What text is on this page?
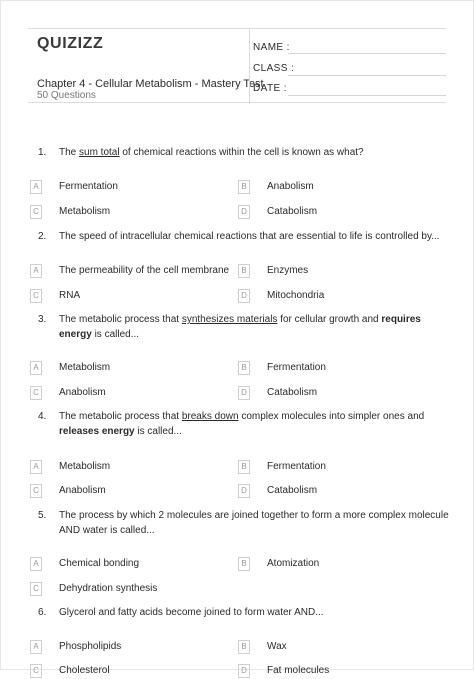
QUIZIZZ
Chapter 4 - Cellular Metabolism - Mastery Test
50 Questions
NAME :
CLASS :
DATE :
1.	The sum total of chemical reactions within the cell is known as what?
A	Fermentation	B	Anabolism
C	Metabolism	D	Catabolism
2.	The speed of intracellular chemical reactions that are essential to life is controlled by...
A	The permeability of the cell membrane	B	Enzymes
C	RNA	D	Mitochondria
3.	The metabolic process that synthesizes materials for cellular growth and requires energy is called...
A	Metabolism	B	Fermentation
C	Anabolism	D	Catabolism
4.	The metabolic process that breaks down complex molecules into simpler ones and releases energy is called...
A	Metabolism	B	Fermentation
C	Anabolism	D	Catabolism
5.	The process by which 2 molecules are joined together to form a more complex molecule AND water is called...
A	Chemical bonding	B	Atomization
C	Dehydration synthesis
6.	Glycerol and fatty acids become joined to form water AND...
A	Phospholipids	B	Wax
C	Cholesterol	D	Fat molecules
